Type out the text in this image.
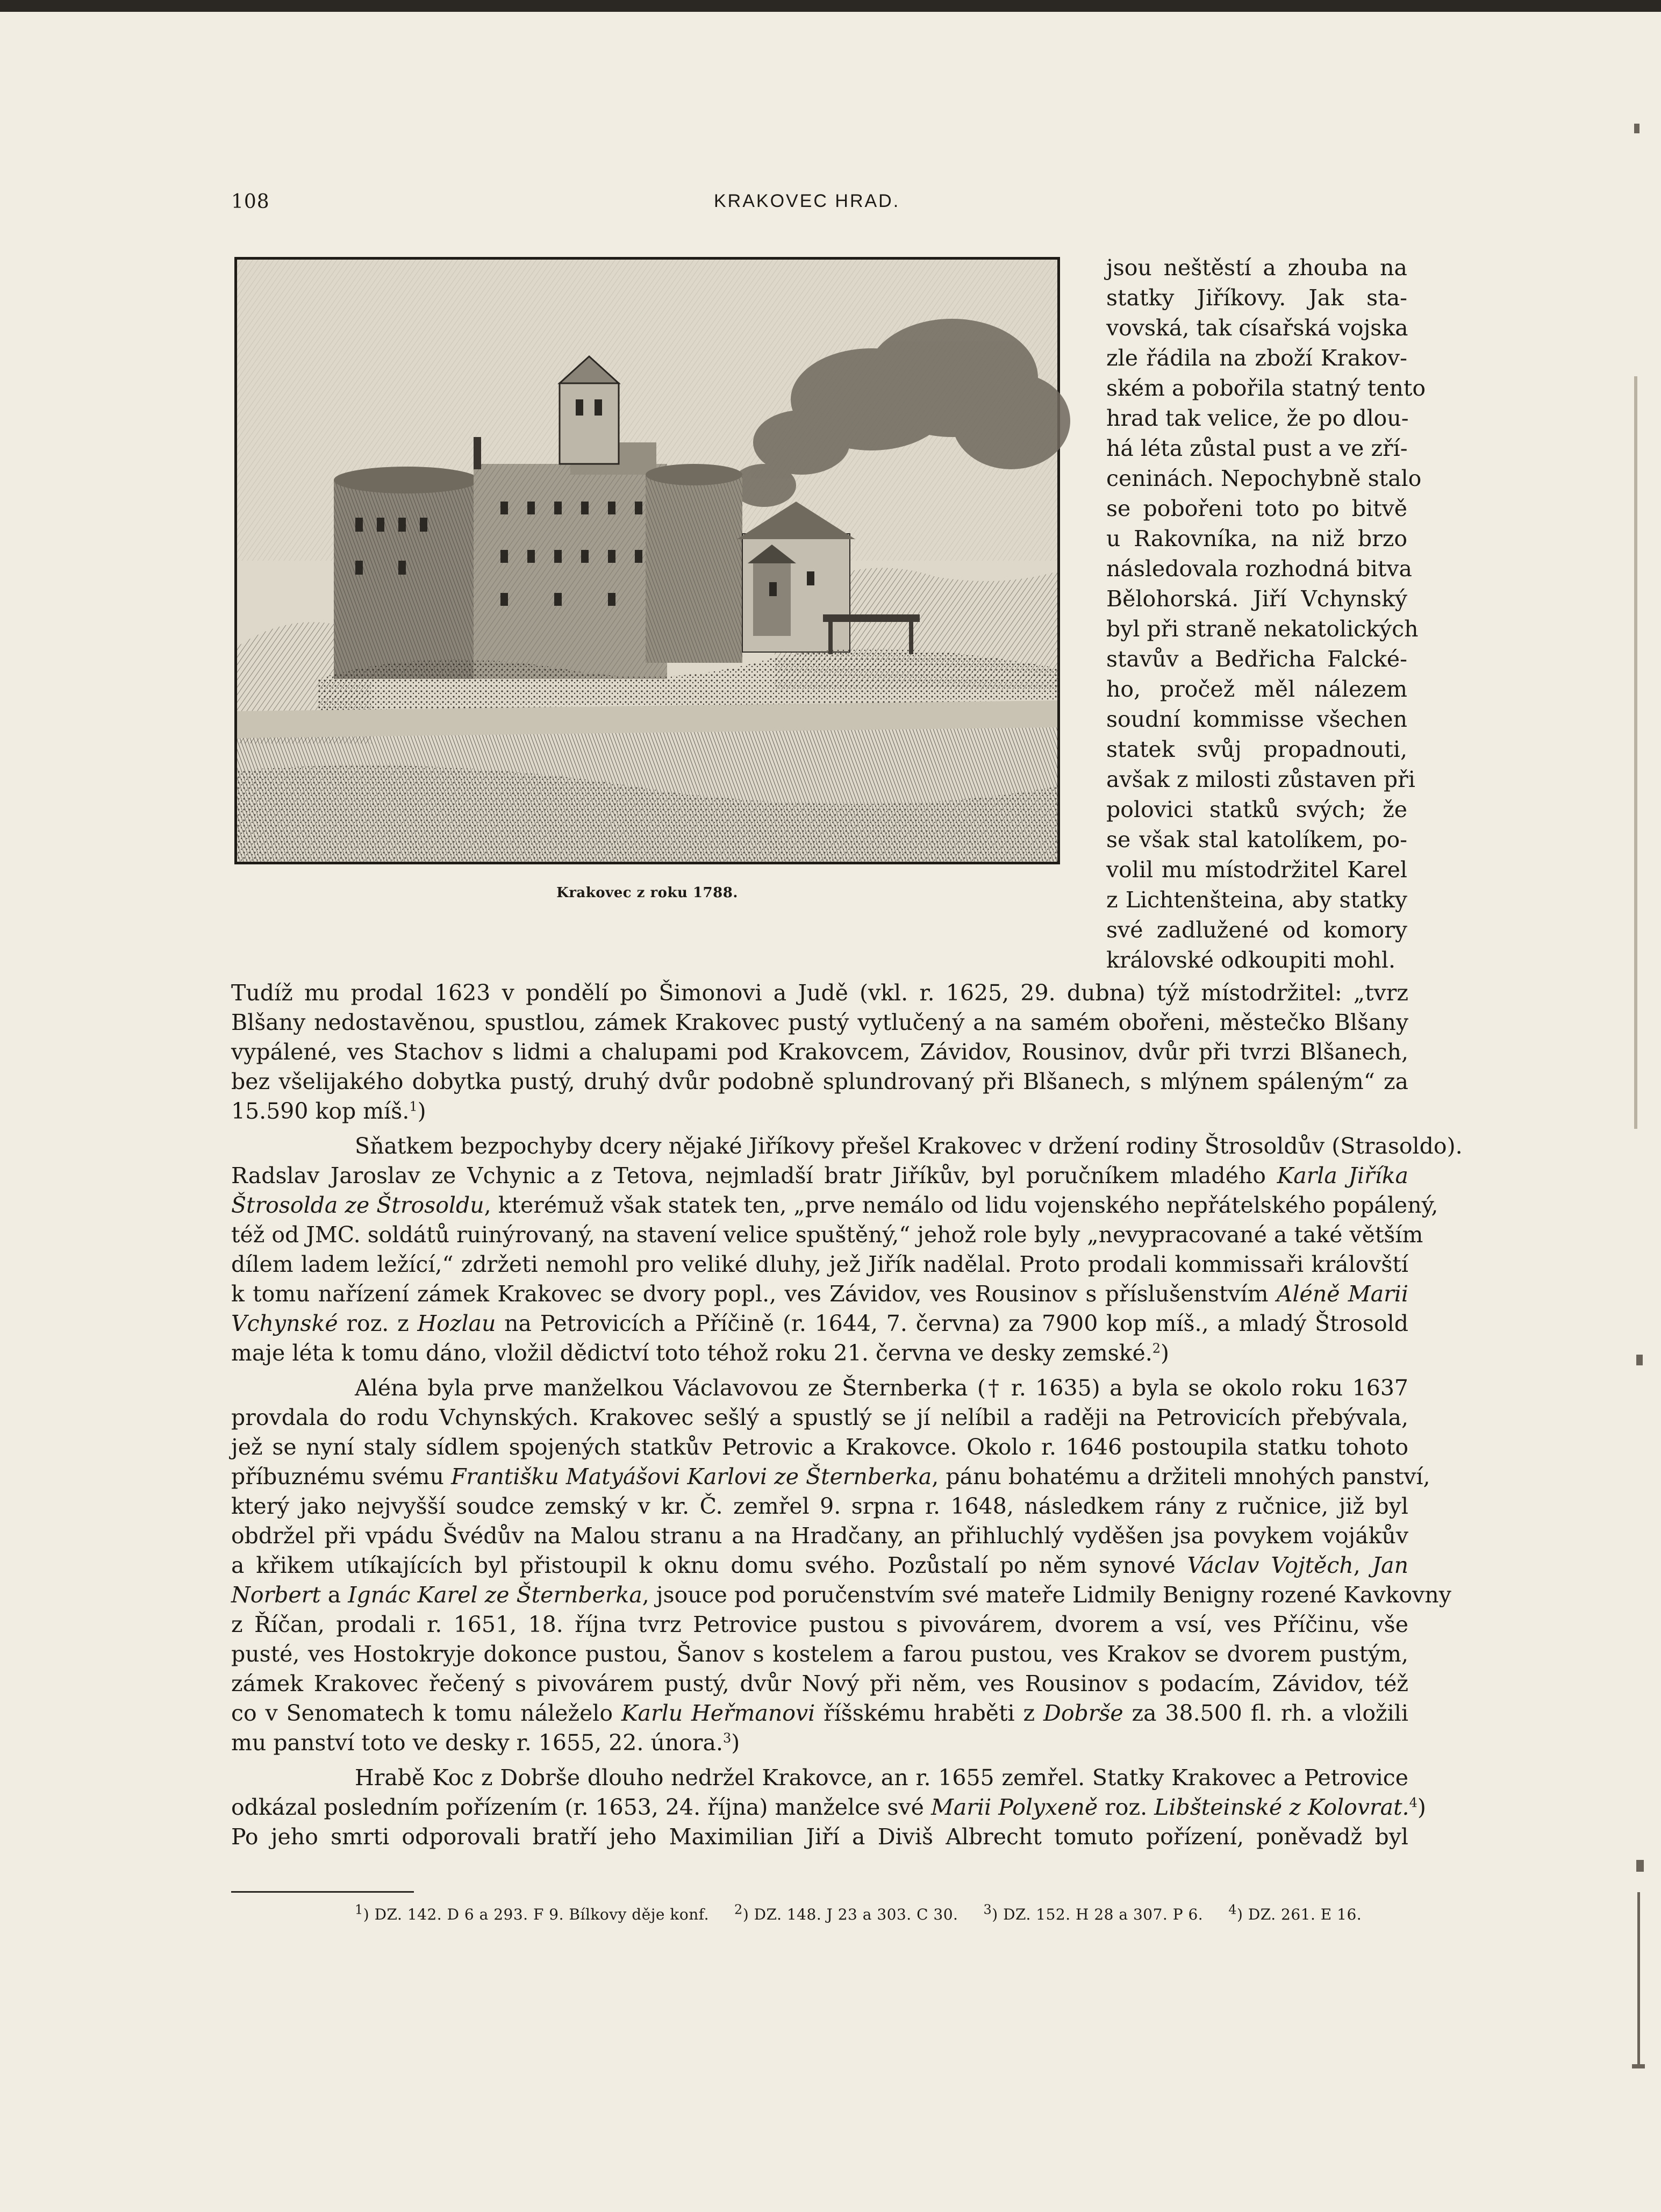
108	KRAKOVEC HRAD.
Krakovec z roku 1788.
jsou neštěstí a zhouba na
statky Jiříkovy. Jak sta-
vovská, tak císařská vojska
zle řádila na zboží Krakov-
ském a pobořila statný tento
hrad tak velice, že po dlou-
há léta zůstal pust a ve zří-
ceninách. Nepochybně stalo
se pobořeni toto po bitvě
u Rakovníka, na niž brzo
následovala rozhodná bitva
Bělohorská. Jiří Vchynský
byl při straně nekatolických
stavův a Bedřicha Falcké-
ho, pročež měl nálezem
soudní kommisse všechen
statek svůj propadnouti,
avšak z milosti zůstaven při
polovici statků svých; že
se však stal katolíkem, po-
volil mu místodržitel Karel
z Lichtenšteina, aby statky
své zadlužené od komory
královské odkoupiti mohl.
Tudíž mu prodal 1623 v pondělí po Šimonovi a Judě (vkl. r. 1625, 29. dubna) týž místodržitel: „tvrz
Blšany nedostavěnou, spustlou, zámek Krakovec pustý vytlučený a na samém obořeni, městečko Blšany
vypálené, ves Stachov s lidmi a chalupami pod Krakovcem, Závidov, Rousinov, dvůr při tvrzi Blšanech,
bez všelijakého dobytka pustý, druhý dvůr podobně splundrovaný při Blšanech, s mlýnem spáleným“ za
15.590 kop míš.$^1$)
Sňatkem bezpochyby dcery nějaké Jiříkovy přešel Krakovec v držení rodiny Štrosoldův (Strasoldo).
Radslav Jaroslav ze Vchynic a z Tetova, nejmladší bratr Jiříkův, byl poručníkem mladého Karla Jiříka
Štrosolda ze Štrosoldu, kterémuž však statek ten, „prve nemálo od lidu vojenského nepřátelského popálený,
též od JMC. soldátů ruinýrovaný, na stavení velice spuštěný,“ jehož role byly „nevypracované a také větším
dílem ladem ležící,“ zdržeti nemohl pro veliké dluhy, jež Jiřík nadělal. Proto prodali kommissaři královští
k tomu nařízení zámek Krakovec se dvory popl., ves Závidov, ves Rousinov s příslušenstvím Aléně Marii
Vchynské roz. z Hozlau na Petrovicích a Příčině (r. 1644, 7. června) za 7900 kop míš., a mladý Štrosold
maje léta k tomu dáno, vložil dědictví toto téhož roku 21. června ve desky zemské.$^2$)
Aléna byla prve manželkou Václavovou ze Šternberka († r. 1635) a byla se okolo roku 1637
provdala do rodu Vchynských. Krakovec sešlý a spustlý se jí nelíbil a raději na Petrovicích přebývala,
jež se nyní staly sídlem spojených statkův Petrovic a Krakovce. Okolo r. 1646 postoupila statku tohoto
příbuznému svému Františku Matyášovi Karlovi ze Šternberka, pánu bohatému a držiteli mnohých panství,
který jako nejvyšší soudce zemský v kr. Č. zemřel 9. srpna r. 1648, následkem rány z ručnice, již byl
obdržel při vpádu Švédův na Malou stranu a na Hradčany, an přihluchlý vyděšen jsa povykem vojákův
a křikem utíkajících byl přistoupil k oknu domu svého. Pozůstalí po něm synové Václav Vojtěch, Jan
Norbert a Ignác Karel ze Šternberka, jsouce pod poručenstvím své mateře Lidmily Benigny rozené Kavkovny
z Říčan, prodali r. 1651, 18. října tvrz Petrovice pustou s pivovárem, dvorem a vsí, ves Příčinu, vše
pusté, ves Hostokryje dokonce pustou, Šanov s kostelem a farou pustou, ves Krakov se dvorem pustým,
zámek Krakovec řečený s pivovárem pustý, dvůr Nový při něm, ves Rousinov s podacím, Závidov, též
co v Senomatech k tomu náleželo Karlu Heřmanovi říšskému hraběti z Dobrše za 38.500 fl. rh. a vložili
mu panství toto ve desky r. 1655, 22. února.$^3$)
Hrabě Koc z Dobrše dlouho nedržel Krakovce, an r. 1655 zemřel. Statky Krakovec a Petrovice
odkázal posledním pořízením (r. 1653, 24. října) manželce své Marii Polyxeně roz. Libšteinské z Kolovrat.$^4$)
Po jeho smrti odporovali bratří jeho Maximilian Jiří a Diviš Albrecht tomuto pořízení, poněvadž byl
$^1$) DZ. 142. D 6 a 293. F 9. Bílkovy děje konf. $^2$) DZ. 148. J 23 a 303. C 30. $^3$) DZ. 152. H 28 a 307. P 6. $^4$) DZ. 261. E 16.
